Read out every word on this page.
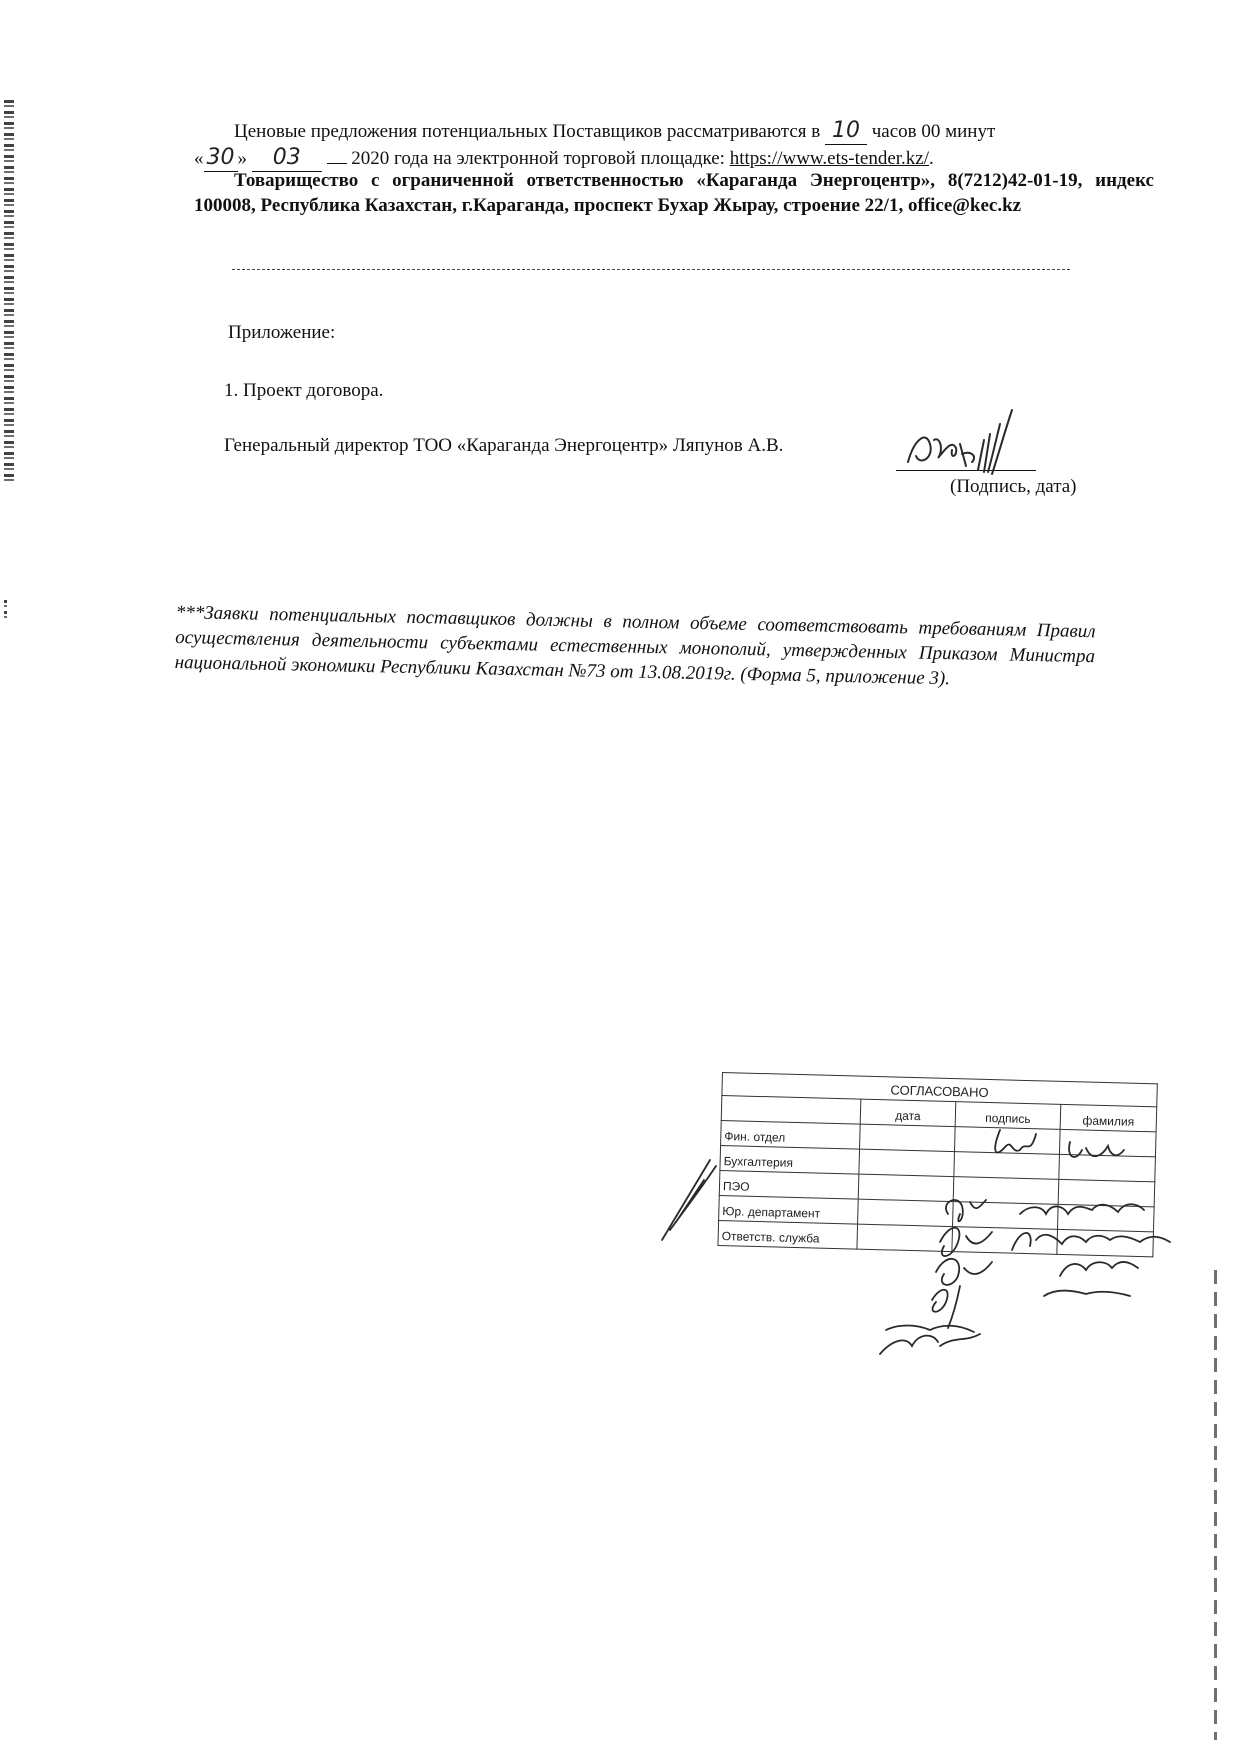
Ценовые предложения потенциальных Поставщиков рассматриваются в 10 часов 00 минут
« 30 » 03	2020 года на электронной торговой площадке: https://www.ets-tender.kz/.
Товарищество с ограниченной ответственностью «Караганда Энергоцентр», 8(7212)42-01-19, индекс 100008, Республика Казахстан, г.Караганда, проспект Бухар Жырау, строение 22/1, office@kec.kz
Приложение:
1. Проект договора.
Генеральный директор ТОО «Караганда Энергоцентр» Ляпунов А.В.
(Подпись, дата)
***Заявки потенциальных поставщиков должны в полном объеме соответствовать требованиям Правил осуществления деятельности субъектами естественных монополий, утвержденных Приказом Министра национальной экономики Республики Казахстан №73 от 13.08.2019г. (Форма 5, приложение 3).
СОГЛАСОВАНО			
	дата	подпись	фамилия
Фин. отдел			
Бухгалтерия			
ПЭО			
Юр. департамент			
Ответств. служба			
